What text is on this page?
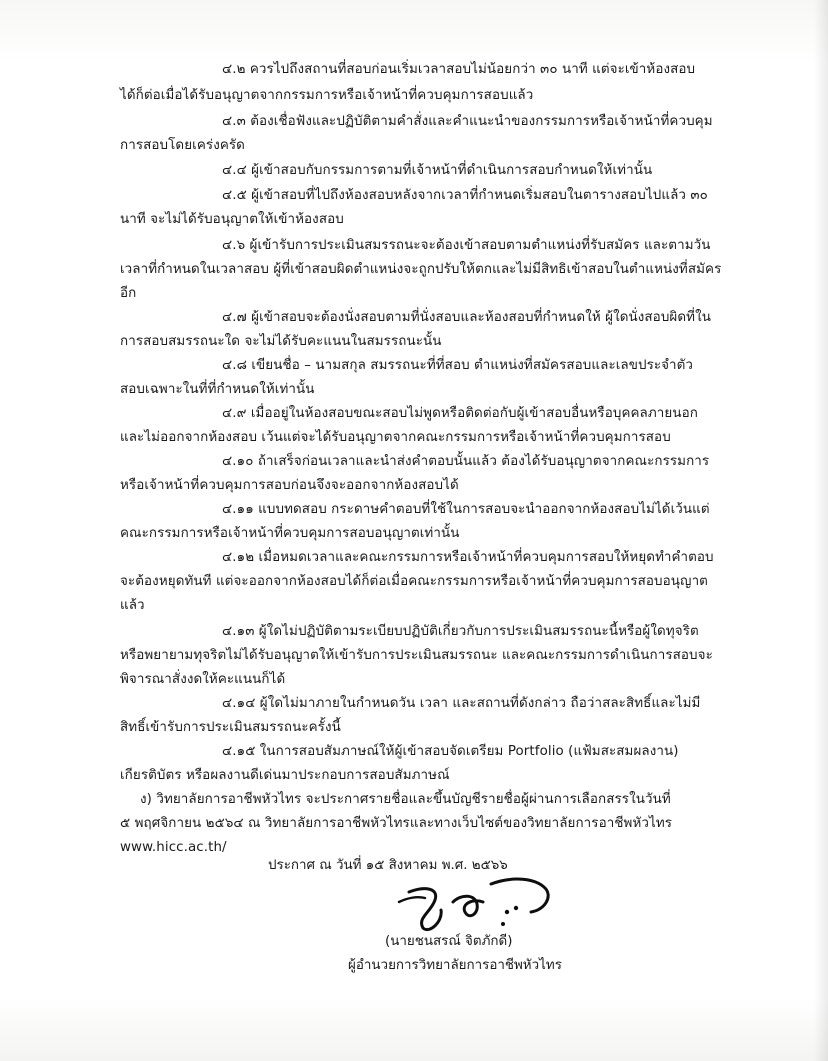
๔.๒ ควรไปถึงสถานที่สอบก่อนเริ่มเวลาสอบไม่น้อยกว่า ๓๐ นาที แต่จะเข้าห้องสอบ
ได้ก็ต่อเมื่อได้รับอนุญาตจากกรรมการหรือเจ้าหน้าที่ควบคุมการสอบแล้ว
๔.๓ ต้องเชื่อฟังและปฏิบัติตามคำสั่งและคำแนะนำของกรรมการหรือเจ้าหน้าที่ควบคุม
การสอบโดยเคร่งครัด
๔.๔ ผู้เข้าสอบกับกรรมการตามที่เจ้าหน้าที่ดำเนินการสอบกำหนดให้เท่านั้น
๔.๕ ผู้เข้าสอบที่ไปถึงห้องสอบหลังจากเวลาที่กำหนดเริ่มสอบในตารางสอบไปแล้ว ๓๐
นาที จะไม่ได้รับอนุญาตให้เข้าห้องสอบ
๔.๖ ผู้เข้ารับการประเมินสมรรถนะจะต้องเข้าสอบตามตำแหน่งที่รับสมัคร และตามวัน
เวลาที่กำหนดในเวลาสอบ ผู้ที่เข้าสอบผิดตำแหน่งจะถูกปรับให้ตกและไม่มีสิทธิเข้าสอบในตำแหน่งที่สมัคร
อีก
๔.๗ ผู้เข้าสอบจะต้องนั่งสอบตามที่นั่งสอบและห้องสอบที่กำหนดให้ ผู้ใดนั่งสอบผิดที่ใน
การสอบสมรรถนะใด จะไม่ได้รับคะแนนในสมรรถนะนั้น
๔.๘ เขียนชื่อ – นามสกุล สมรรถนะที่ที่สอบ ตำแหน่งที่สมัครสอบและเลขประจำตัว
สอบเฉพาะในที่ที่กำหนดให้เท่านั้น
๔.๙ เมื่ออยู่ในห้องสอบขณะสอบไม่พูดหรือติดต่อกับผู้เข้าสอบอื่นหรือบุคคลภายนอก
และไม่ออกจากห้องสอบ เว้นแต่จะได้รับอนุญาตจากคณะกรรมการหรือเจ้าหน้าที่ควบคุมการสอบ
๔.๑๐ ถ้าเสร็จก่อนเวลาและนำส่งคำตอบนั้นแล้ว ต้องได้รับอนุญาตจากคณะกรรมการ
หรือเจ้าหน้าที่ควบคุมการสอบก่อนจึงจะออกจากห้องสอบได้
๔.๑๑ แบบทดสอบ กระดาษคำตอบที่ใช้ในการสอบจะนำออกจากห้องสอบไม่ได้เว้นแต่
คณะกรรมการหรือเจ้าหน้าที่ควบคุมการสอบอนุญาตเท่านั้น
๔.๑๒ เมื่อหมดเวลาและคณะกรรมการหรือเจ้าหน้าที่ควบคุมการสอบให้หยุดทำคำตอบ
จะต้องหยุดทันที แต่จะออกจากห้องสอบได้ก็ต่อเมื่อคณะกรรมการหรือเจ้าหน้าที่ควบคุมการสอบอนุญาต
แล้ว
๔.๑๓ ผู้ใดไม่ปฏิบัติตามระเบียบปฏิบัติเกี่ยวกับการประเมินสมรรถนะนี้หรือผู้ใดทุจริต
หรือพยายามทุจริตไม่ได้รับอนุญาตให้เข้ารับการประเมินสมรรถนะ และคณะกรรมการดำเนินการสอบจะ
พิจารณาสั่งงดให้คะแนนก็ได้
๔.๑๔ ผู้ใดไม่มาภายในกำหนดวัน เวลา และสถานที่ดังกล่าว ถือว่าสละสิทธิ์และไม่มี
สิทธิ์เข้ารับการประเมินสมรรถนะครั้งนี้
๔.๑๕ ในการสอบสัมภาษณ์ให้ผู้เข้าสอบจัดเตรียม Portfolio (แฟ้มสะสมผลงาน)
เกียรติบัตร หรือผลงานดีเด่นมาประกอบการสอบสัมภาษณ์
ง) วิทยาลัยการอาชีพหัวไทร จะประกาศรายชื่อและขึ้นบัญชีรายชื่อผู้ผ่านการเลือกสรรในวันที่
๕ พฤศจิกายน ๒๕๖๔ ณ วิทยาลัยการอาชีพหัวไทรและทางเว็บไซต์ของวิทยาลัยการอาชีพหัวไทร
www.hicc.ac.th/
ประกาศ ณ วันที่ ๑๕ สิงหาคม พ.ศ. ๒๕๖๖
(นายชนสรณ์ จิตภักดี)
ผู้อำนวยการวิทยาลัยการอาชีพหัวไทร
